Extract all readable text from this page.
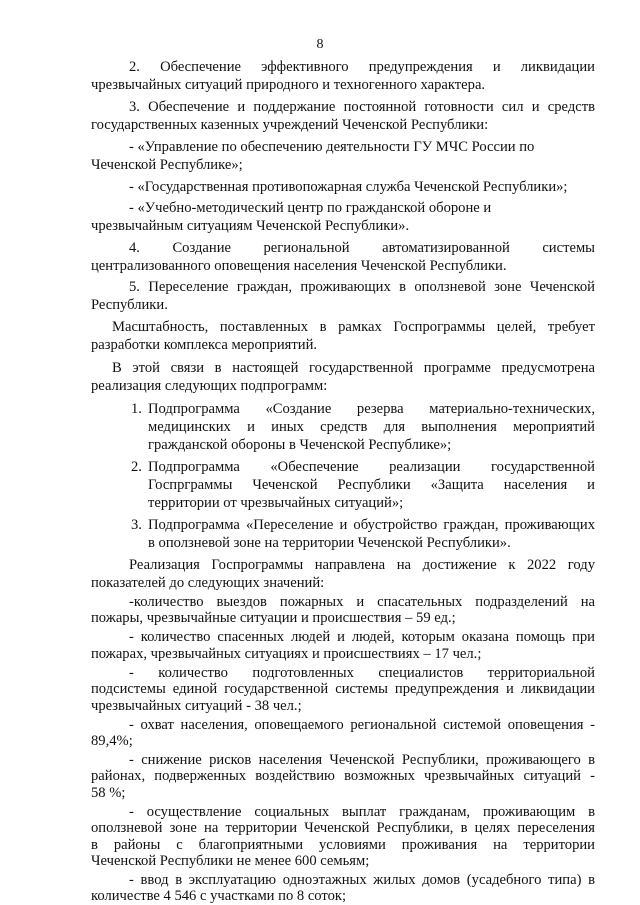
8
2. Обеспечение эффективного предупреждения и ликвидации
чрезвычайных ситуаций природного и техногенного характера.
3. Обеспечение и поддержание постоянной готовности сил и средств
государственных казенных учреждений Чеченской Республики:
- «Управление по обеспечению деятельности ГУ МЧС России по
Чеченской Республике»;
- «Государственная противопожарная служба Чеченской Республики»;
- «Учебно-методический центр по гражданской обороне и
чрезвычайным ситуациям Чеченской Республики».
4. Создание региональной автоматизированной системы
централизованного оповещения населения Чеченской Республики.
5. Переселение граждан, проживающих в оползневой зоне Чеченской
Республики.
Масштабность, поставленных в рамках Госпрограммы целей, требует
разработки комплекса мероприятий.
В этой связи в настоящей государственной программе предусмотрена
реализация следующих подпрограмм:
1. Подпрограмма «Создание резерва материально-технических,
медицинских и иных средств для выполнения мероприятий
гражданской обороны в Чеченской Республике»;
2. Подпрограмма «Обеспечение реализации государственной
Госпрграммы Чеченской Республики «Защита населения и
территории от чрезвычайных ситуаций»;
3. Подпрограмма «Переселение и обустройство граждан, проживающих
в оползневой зоне на территории Чеченской Республики».
Реализация Госпрограммы направлена на достижение к 2022 году
показателей до следующих значений:
-количество выездов пожарных и спасательных подразделений на
пожары, чрезвычайные ситуации и происшествия – 59 ед.;
- количество спасенных людей и людей, которым оказана помощь при
пожарах, чрезвычайных ситуациях и происшествиях – 17 чел.;
- количество подготовленных специалистов территориальной
подсистемы единой государственной системы предупреждения и ликвидации
чрезвычайных ситуаций - 38 чел.;
- охват населения, оповещаемого региональной системой оповещения -
89,4%;
- снижение рисков населения Чеченской Республики, проживающего в
районах, подверженных воздействию возможных чрезвычайных ситуаций -
58 %;
- осуществление социальных выплат гражданам, проживающим в
оползневой зоне на территории Чеченской Республики, в целях переселения
в районы с благоприятными условиями проживания на территории
Чеченской Республики не менее 600 семьям;
- ввод в эксплуатацию одноэтажных жилых домов (усадебного типа) в
количестве 4 546 с участками по 8 соток;
